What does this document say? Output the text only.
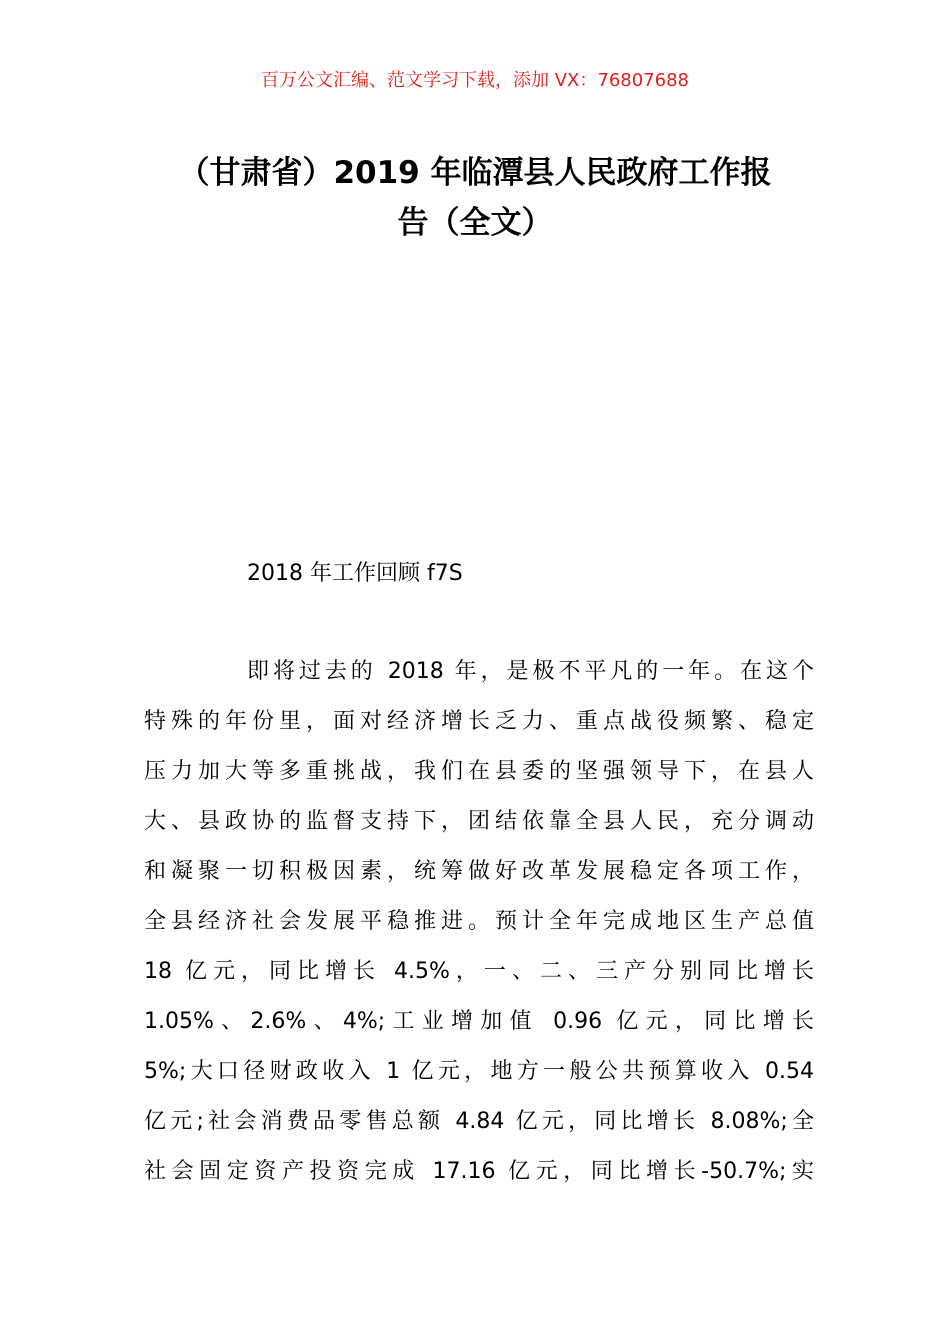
百万公文汇编、范文学习下载，添加 VX：76807688
（甘肃省）2019 年临潭县人民政府工作报
告（全文）
2018 年工作回顾 f7S
即将过去的 2018 年，是极不平凡的一年。在这个
特殊的年份里，面对经济增长乏力、重点战役频繁、稳定
压力加大等多重挑战，我们在县委的坚强领导下，在县人
大、县政协的监督支持下，团结依靠全县人民，充分调动
和凝聚一切积极因素，统筹做好改革发展稳定各项工作，
全县经济社会发展平稳推进。预计全年完成地区生产总值
18 亿元，同比增长 4.5%，一、二、三产分别同比增长
1.05%、2.6%、4%;工业增加值 0.96 亿元，同比增长
5%;大口径财政收入 1 亿元，地方一般公共预算收入 0.54
亿元;社会消费品零售总额 4.84 亿元，同比增长 8.08%;全
社会固定资产投资完成 17.16 亿元，同比增长-50.7%;实
